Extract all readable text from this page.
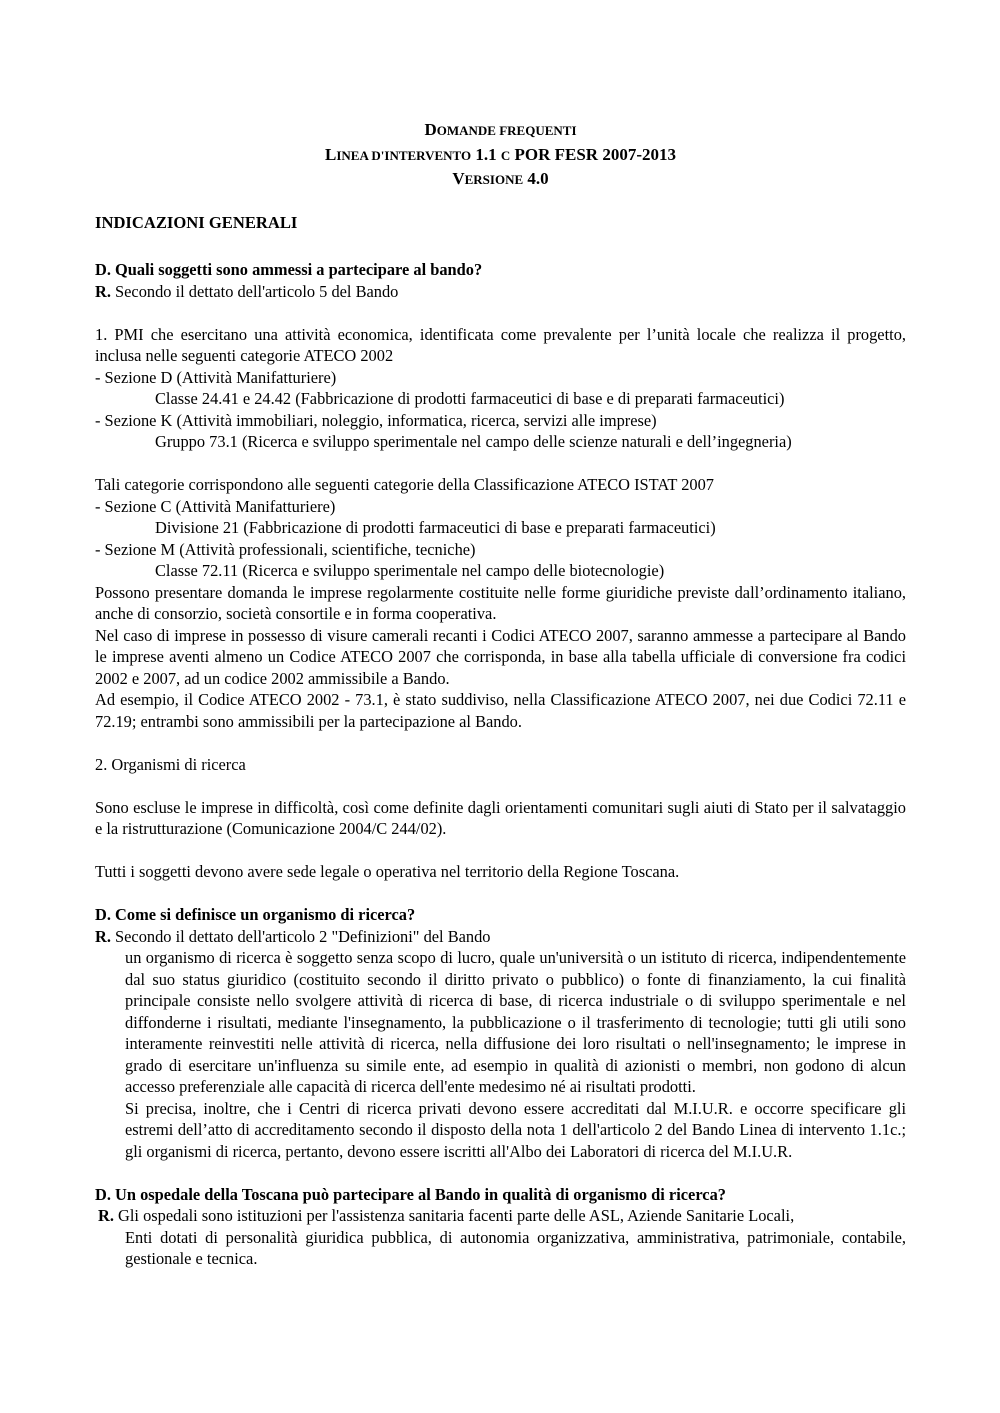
DOMANDE FREQUENTI
LINEA D'INTERVENTO 1.1 C POR FESR 2007-2013
VERSIONE 4.0
INDICAZIONI GENERALI

D. Quali soggetti sono ammessi a partecipare al bando?

R. Secondo il dettato dell'articolo 5 del Bando

1. PMI che esercitano una attività economica, identificata come prevalente per l’unità locale che realizza il progetto, inclusa nelle seguenti categorie ATECO 2002

- Sezione D (Attività Manifatturiere)

Classe 24.41 e 24.42 (Fabbricazione di prodotti farmaceutici di base e di preparati farmaceutici)

- Sezione K (Attività immobiliari, noleggio, informatica, ricerca, servizi alle imprese)

Gruppo 73.1 (Ricerca e sviluppo sperimentale nel campo delle scienze naturali e dell’ingegneria)

Tali categorie corrispondono alle seguenti categorie della Classificazione ATECO ISTAT 2007

- Sezione C (Attività Manifatturiere)

Divisione 21 (Fabbricazione di prodotti farmaceutici di base e preparati farmaceutici)

- Sezione M (Attività professionali, scientifiche, tecniche)

Classe 72.11 (Ricerca e sviluppo sperimentale nel campo delle biotecnologie)

Possono presentare domanda le imprese regolarmente costituite nelle forme giuridiche previste dall’ordinamento italiano, anche di consorzio, società consortile e in forma cooperativa.

Nel caso di imprese in possesso di visure camerali recanti i Codici ATECO 2007, saranno ammesse a partecipare al Bando le imprese aventi almeno un Codice ATECO 2007 che corrisponda, in base alla tabella ufficiale di conversione fra codici 2002 e 2007, ad un codice 2002 ammissibile a Bando.

Ad esempio, il Codice ATECO 2002 - 73.1, è stato suddiviso, nella Classificazione ATECO 2007, nei due Codici 72.11 e 72.19; entrambi sono ammissibili per la partecipazione al Bando.

2. Organismi di ricerca

Sono escluse le imprese in difficoltà, così come definite dagli orientamenti comunitari sugli aiuti di Stato per il salvataggio e la ristrutturazione (Comunicazione 2004/C 244/02).

Tutti i soggetti devono avere sede legale o operativa nel territorio della Regione Toscana.

D. Come si definisce un organismo di ricerca?

R. Secondo il dettato dell'articolo 2 "Definizioni" del Bando

un organismo di ricerca è soggetto senza scopo di lucro, quale un'università o un istituto di ricerca, indipendentemente dal suo status giuridico (costituito secondo il diritto privato o pubblico) o fonte di finanziamento, la cui finalità principale consiste nello svolgere attività di ricerca di base, di ricerca industriale o di sviluppo sperimentale e nel diffonderne i risultati, mediante l'insegnamento, la pubblicazione o il trasferimento di tecnologie; tutti gli utili sono interamente reinvestiti nelle attività di ricerca, nella diffusione dei loro risultati o nell'insegnamento; le imprese in grado di esercitare un'influenza su simile ente, ad esempio in qualità di azionisti o membri, non godono di alcun accesso preferenziale alle capacità di ricerca dell'ente medesimo né ai risultati prodotti.

Si precisa, inoltre, che i Centri di ricerca privati devono essere accreditati dal M.I.U.R. e occorre specificare gli estremi dell’atto di accreditamento secondo il disposto della nota 1 dell'articolo 2 del Bando Linea di intervento 1.1c.; gli organismi di ricerca, pertanto, devono essere iscritti all'Albo dei Laboratori di ricerca del M.I.U.R.

D. Un ospedale della Toscana può partecipare al Bando in qualità di organismo di ricerca?

R. Gli ospedali sono istituzioni per l'assistenza sanitaria facenti parte delle ASL, Aziende Sanitarie Locali,

Enti dotati di personalità giuridica pubblica, di autonomia organizzativa, amministrativa, patrimoniale, contabile, gestionale e tecnica.
